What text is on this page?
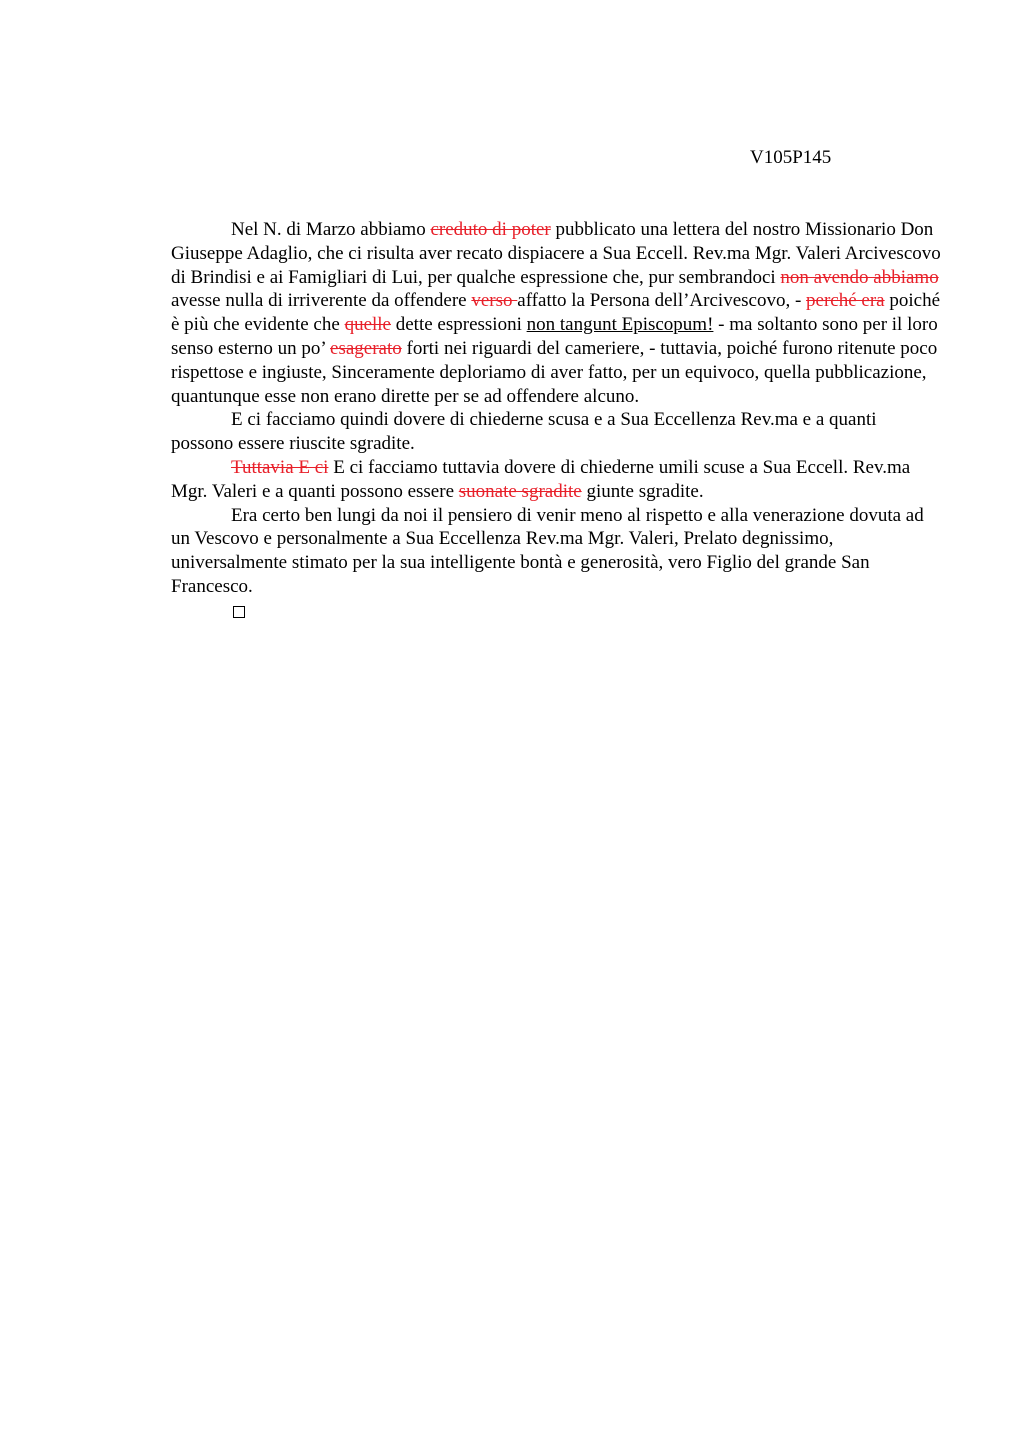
V105P145

Nel N. di Marzo abbiamo creduto di poter pubblicato una lettera del nostro Missionario Don Giuseppe Adaglio, che ci risulta aver recato dispiacere a Sua Eccell. Rev.ma Mgr. Valeri Arcivescovo di Brindisi e ai Famigliari di Lui, per qualche espressione che, pur sembrandoci non avendo abbiamo avesse nulla di irriverente da offendere verso affatto la Persona dell’Arcivescovo, - perché era poiché è più che evidente che quelle dette espressioni non tangunt Episcopum! - ma soltanto sono per il loro senso esterno un po’ esagerato forti nei riguardi del cameriere, - tuttavia, poiché furono ritenute poco rispettose e ingiuste, Sinceramente deploriamo di aver fatto, per un equivoco, quella pubblicazione, quantunque esse non erano dirette per se ad offendere alcuno.

E ci facciamo quindi dovere di chiederne scusa e a Sua Eccellenza Rev.ma e a quanti possono essere riuscite sgradite.

Tuttavia E ci E ci facciamo tuttavia dovere di chiederne umili scuse a Sua Eccell. Rev.ma Mgr. Valeri e a quanti possono essere suonate sgradite giunte sgradite.

Era certo ben lungi da noi il pensiero di venir meno al rispetto e alla venerazione dovuta ad un Vescovo e personalmente a Sua Eccellenza Rev.ma Mgr. Valeri, Prelato degnissimo, universalmente stimato per la sua intelligente bontà e generosità, vero Figlio del grande San Francesco.
